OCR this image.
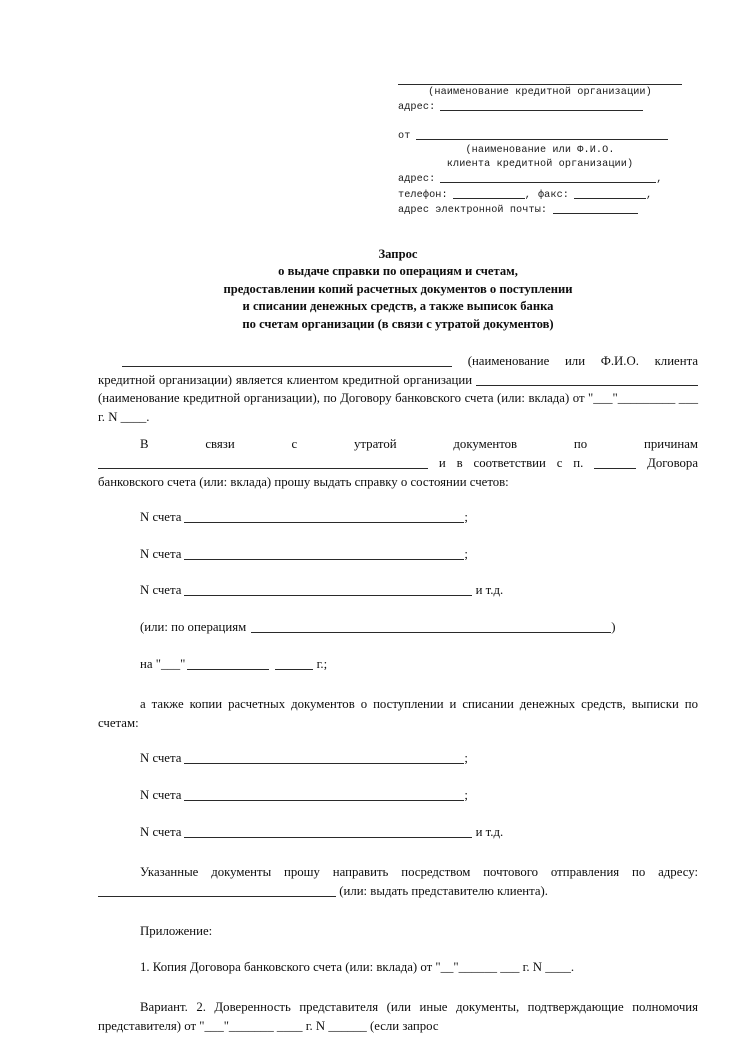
(наименование кредитной организации)
адрес:
от
(наименование или Ф.И.О.
клиента кредитной организации)
адрес:	,
телефон:	, факс:	,
адрес электронной почты:
Запрос
о выдаче справки по операциям и счетам,
предоставлении копий расчетных документов о поступлении
и списании денежных средств, а также выписок банка
по счетам организации (в связи с утратой документов)

(наименование или Ф.И.О. клиента кредитной организации) является клиентом кредитной организации  (наименование кредитной организации), по Договору банковского счета (или: вклада) от "___"_________ ___ г. N ____.

В связи с утратой документов по причинам  и в соответствии с п.	Договора банковского счета (или: вклада) прошу выдать справку о состоянии счетов:

N счета	;
N счета	;
N счета	и т.д.
(или: по операциям	)
на "___"	г.;

а также копии расчетных документов о поступлении и списании денежных средств, выписки по счетам:

N счета	;
N счета	;
N счета	и т.д.

Указанные документы прошу направить посредством почтового отправления по адресу:  (или: выдать представителю клиента).

Приложение:

1. Копия Договора банковского счета (или: вклада) от "__"______ ___ г. N ____.

Вариант. 2. Доверенность представителя (или иные документы, подтверждающие полномочия представителя) от "___"_______ ____ г. N ______ (если запрос
